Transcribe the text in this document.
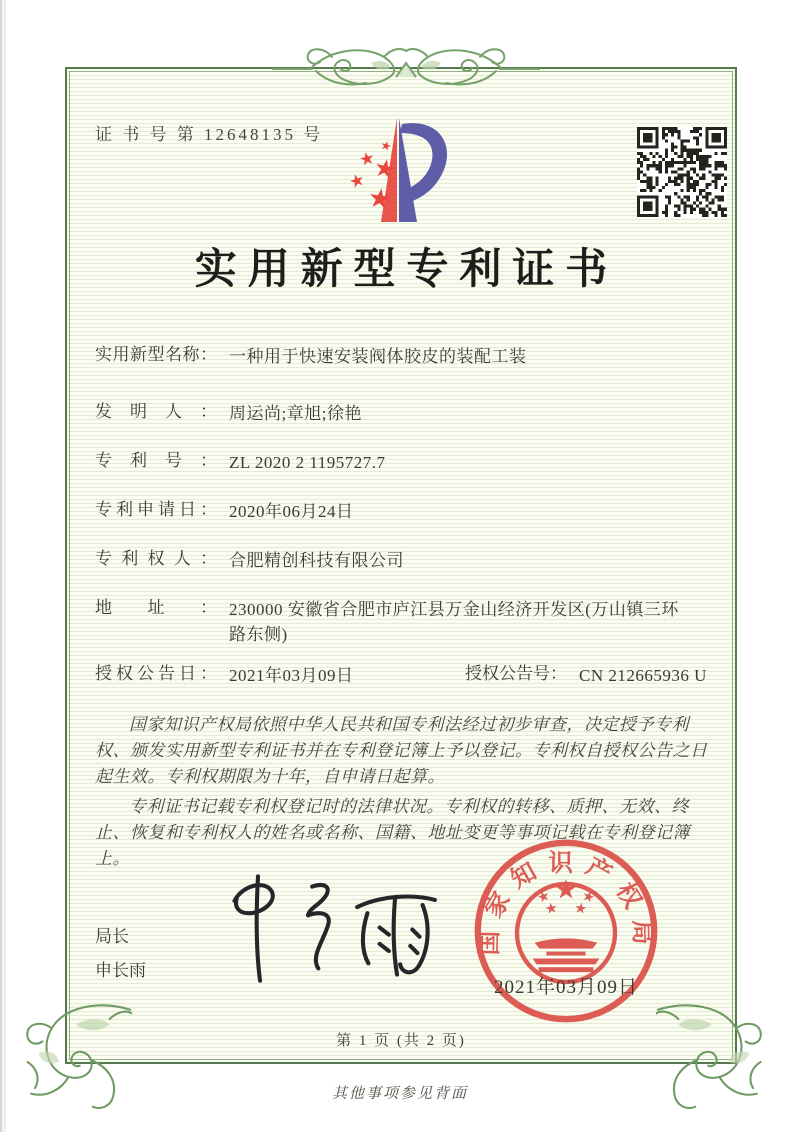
证 书 号 第 12648135 号
实用新型专利证书
实用新型名称： 一种用于快速安装阀体胶皮的装配工装
发明人： 周运尚;章旭;徐艳
专利号： ZL 2020 2 1195727.7
专利申请日： 2020年06月24日
专利权人： 合肥精创科技有限公司
地址： 230000 安徽省合肥市庐江县万金山经济开发区(万山镇三环路东侧)
授权公告日： 2021年03月09日	授权公告号： CN 212665936 U

国家知识产权局依照中华人民共和国专利法经过初步审查，决定授予专利权、颁发实用新型专利证书并在专利登记簿上予以登记。专利权自授权公告之日起生效。专利权期限为十年，自申请日起算。

专利证书记载专利权登记时的法律状况。专利权的转移、质押、无效、终止、恢复和专利权人的姓名或名称、国籍、地址变更等事项记载在专利登记簿上。

局长
申长雨
国家知识产权局
2021年03月09日
第 1 页 (共 2 页)
其他事项参见背面
